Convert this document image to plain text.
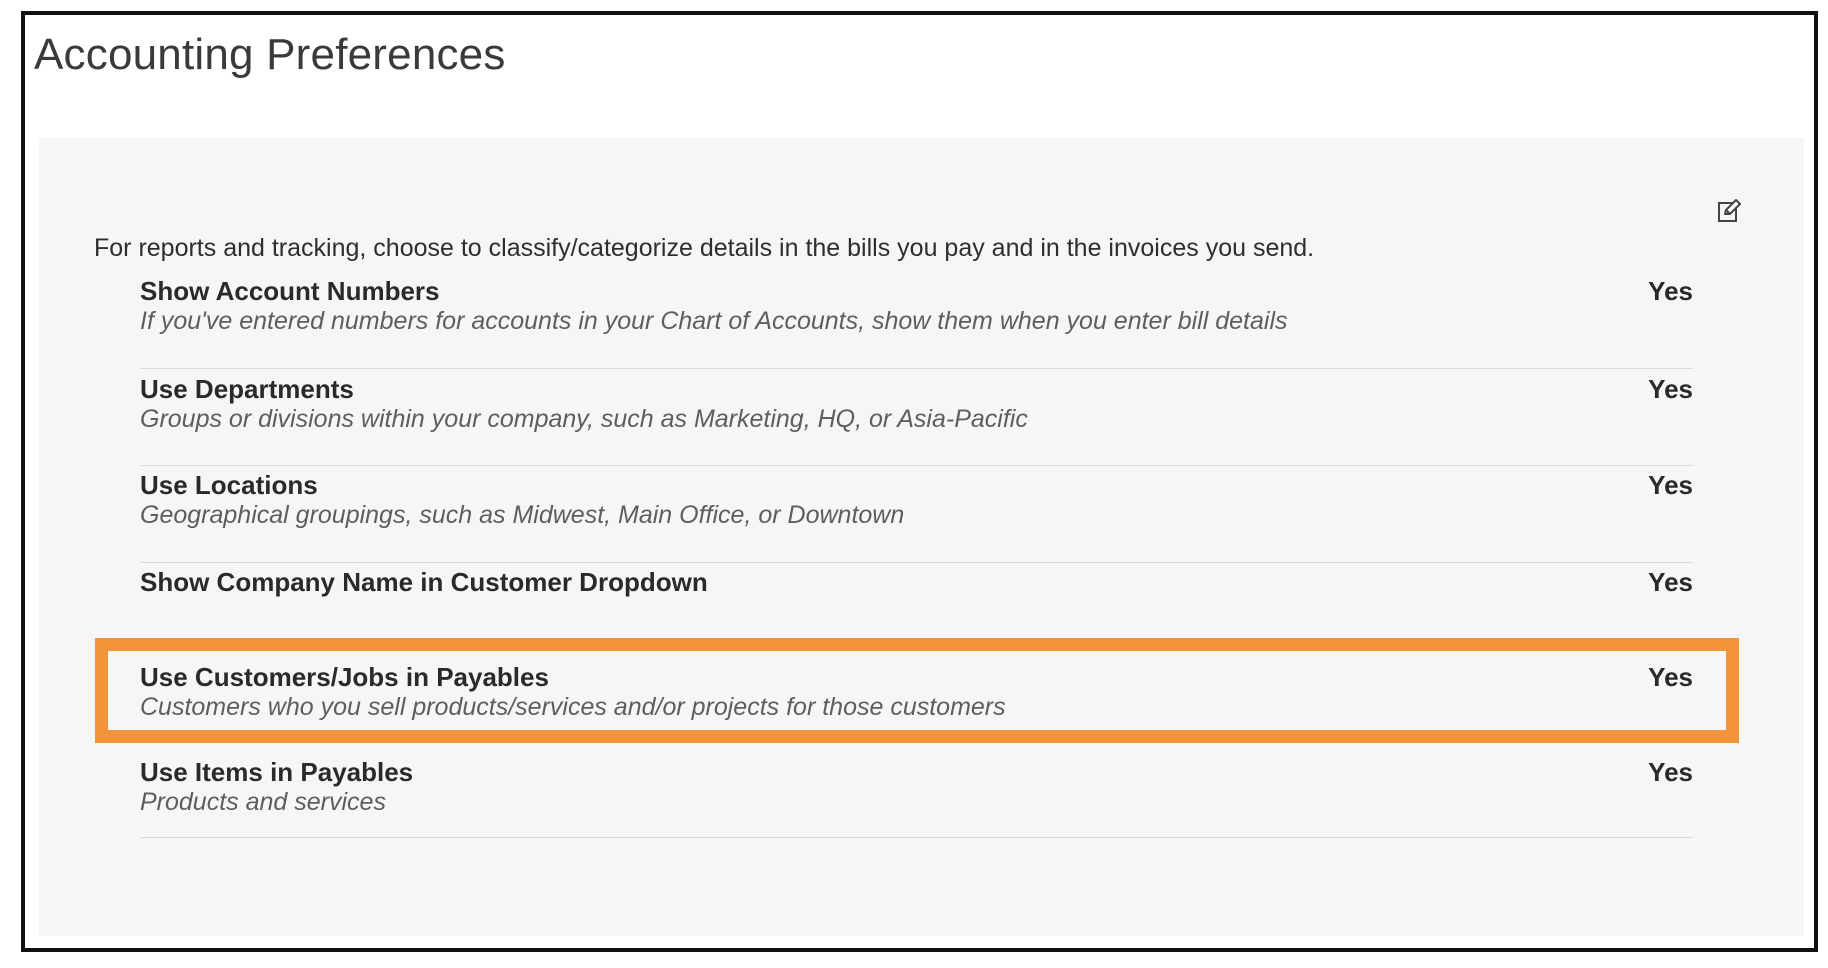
Accounting Preferences
For reports and tracking, choose to classify/categorize details in the bills you pay and in the invoices you send.
Show Account Numbers
If you've entered numbers for accounts in your Chart of Accounts, show them when you enter bill details
Yes
Use Departments
Groups or divisions within your company, such as Marketing, HQ, or Asia-Pacific
Yes
Use Locations
Geographical groupings, such as Midwest, Main Office, or Downtown
Yes
Show Company Name in Customer Dropdown	Yes
Use Customers/Jobs in Payables
Customers who you sell products/services and/or projects for those customers
Yes
Use Items in Payables
Products and services
Yes
